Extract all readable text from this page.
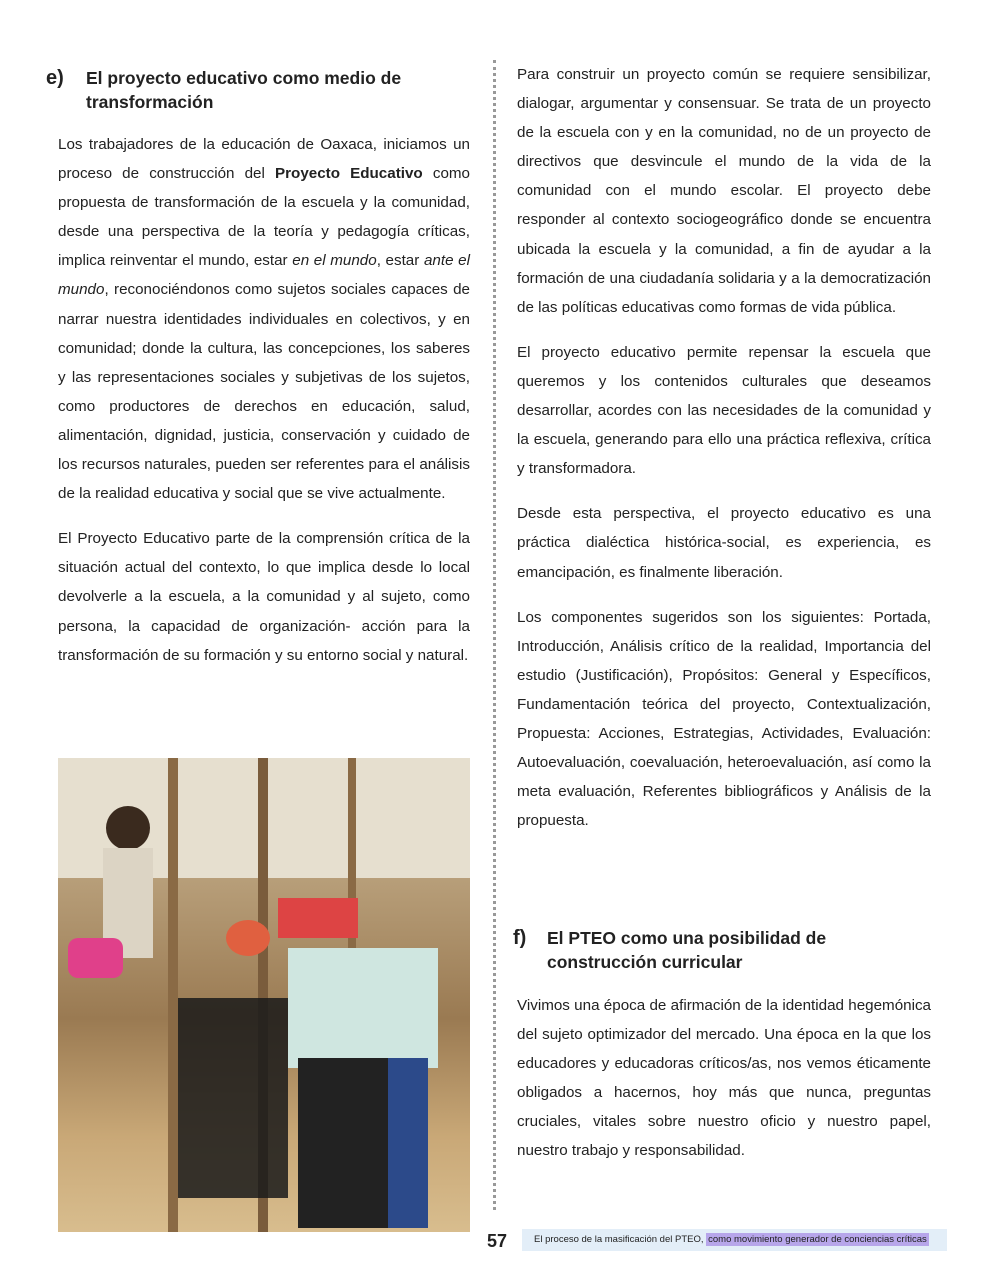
e)	El proyecto educativo como medio de transformación

Los trabajadores de la educación de Oaxaca, iniciamos un proceso de construcción del Proyecto Educativo como propuesta de transformación de la escuela y la comunidad, desde una perspectiva de la teoría y pedagogía críticas, implica reinventar el mundo, estar en el mundo, estar ante el mundo, reconociéndonos como sujetos sociales capaces de narrar nuestra identidades individuales en colectivos, y en comunidad; donde la cultura, las concepciones, los saberes y las representaciones sociales y subjetivas de los sujetos, como productores de derechos en educación, salud, alimentación, dignidad, justicia, conservación y cuidado de los recursos naturales, pueden ser referentes para el análisis de la realidad educativa y social que se vive actualmente.

El Proyecto Educativo parte de la comprensión crítica de la situación actual del contexto, lo que implica desde lo local devolverle a la escuela, a la comunidad y al sujeto, como persona, la capacidad de organización- acción para la transformación de su formación y su entorno social y natural.

Para construir un proyecto común se requiere sensibilizar, dialogar, argumentar y consensuar. Se trata de un proyecto de la escuela con y en la comunidad, no de un proyecto de directivos que desvincule el mundo de la vida de la comunidad con el mundo escolar. El proyecto debe responder al contexto sociogeográfico donde se encuentra ubicada la escuela y la comunidad, a fin de ayudar a la formación de una ciudadanía solidaria y a la democratización de las políticas educativas como formas de vida pública.

El proyecto educativo permite repensar la escuela que queremos y los contenidos culturales que deseamos desarrollar, acordes con las necesidades de la comunidad y la escuela, generando para ello una práctica reflexiva, crítica y transformadora.

Desde esta perspectiva, el proyecto educativo es una práctica dialéctica histórica-social, es experiencia, es emancipación, es finalmente liberación.

Los componentes sugeridos son los siguientes: Portada, Introducción, Análisis crítico de la realidad, Importancia del estudio (Justificación), Propósitos: General y Específicos, Fundamentación teórica del proyecto, Contextualización, Propuesta: Acciones, Estrategias, Actividades, Evaluación: Autoevaluación, coevaluación, heteroevaluación, así como la meta evaluación, Referentes bibliográficos y Análisis de la propuesta.

f)	El PTEO como una posibilidad de construcción curricular

Vivimos una época de afirmación de la identidad hegemónica del sujeto optimizador del mercado. Una época en la que los educadores y educadoras críticos/as, nos vemos éticamente obligados a hacernos, hoy más que nunca, preguntas cruciales, vitales sobre nuestro oficio y nuestro papel, nuestro trabajo y responsabilidad.

57	El proceso de la masificación del PTEO, como movimiento generador de conciencias críticas
